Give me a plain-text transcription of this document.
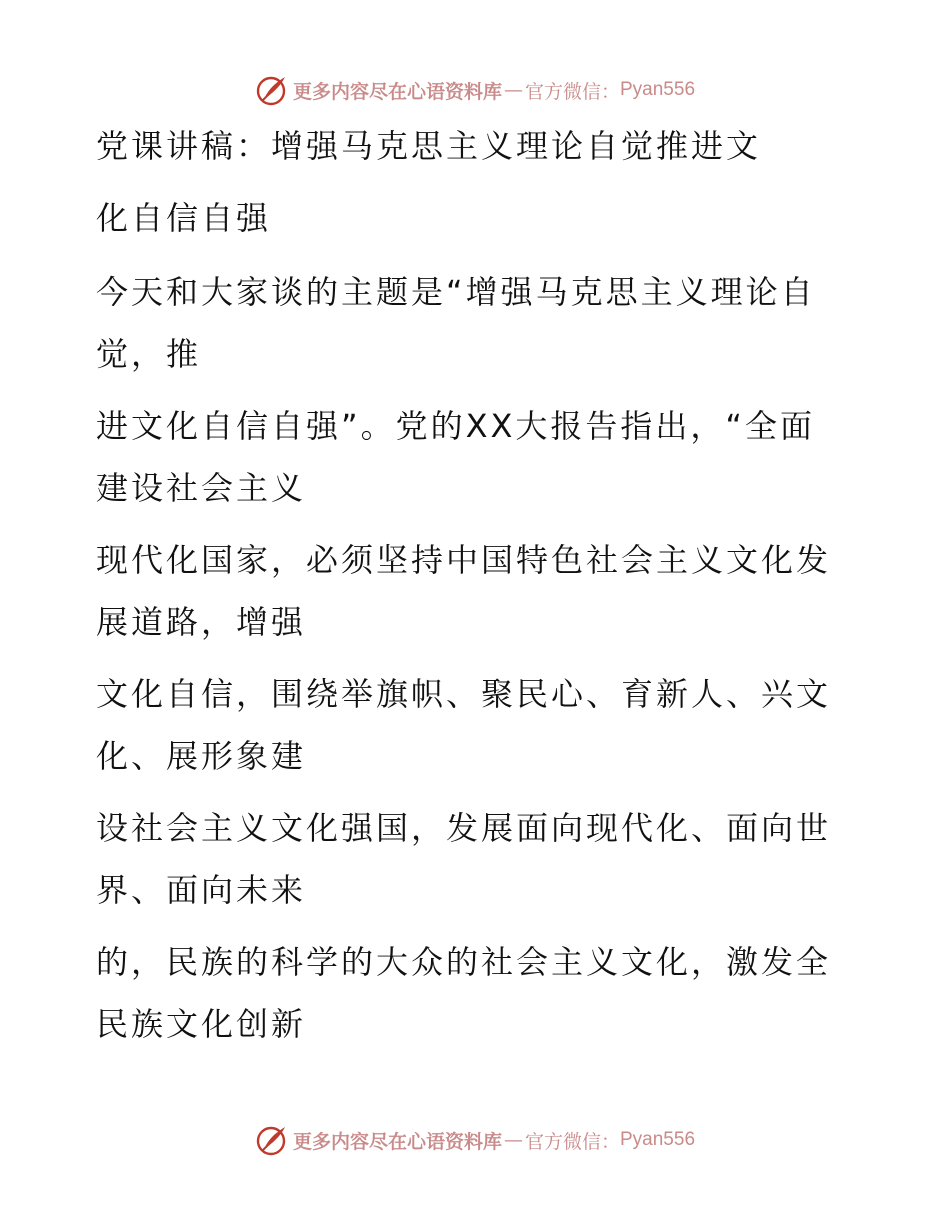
更多内容尽在心语资料库 — 官方微信： Pyan556
党课讲稿：增强马克思主义理论自觉推进文
化自信自强
今天和大家谈的主题是“增强马克思主义理论自
觉，推
进文化自信自强”。党的XX大报告指出，“全面
建设社会主义
现代化国家，必须坚持中国特色社会主义文化发
展道路，增强
文化自信，围绕举旗帜、聚民心、育新人、兴文
化、展形象建
设社会主义文化强国，发展面向现代化、面向世
界、面向未来
的，民族的科学的大众的社会主义文化，激发全
民族文化创新
更多内容尽在心语资料库 — 官方微信： Pyan556
